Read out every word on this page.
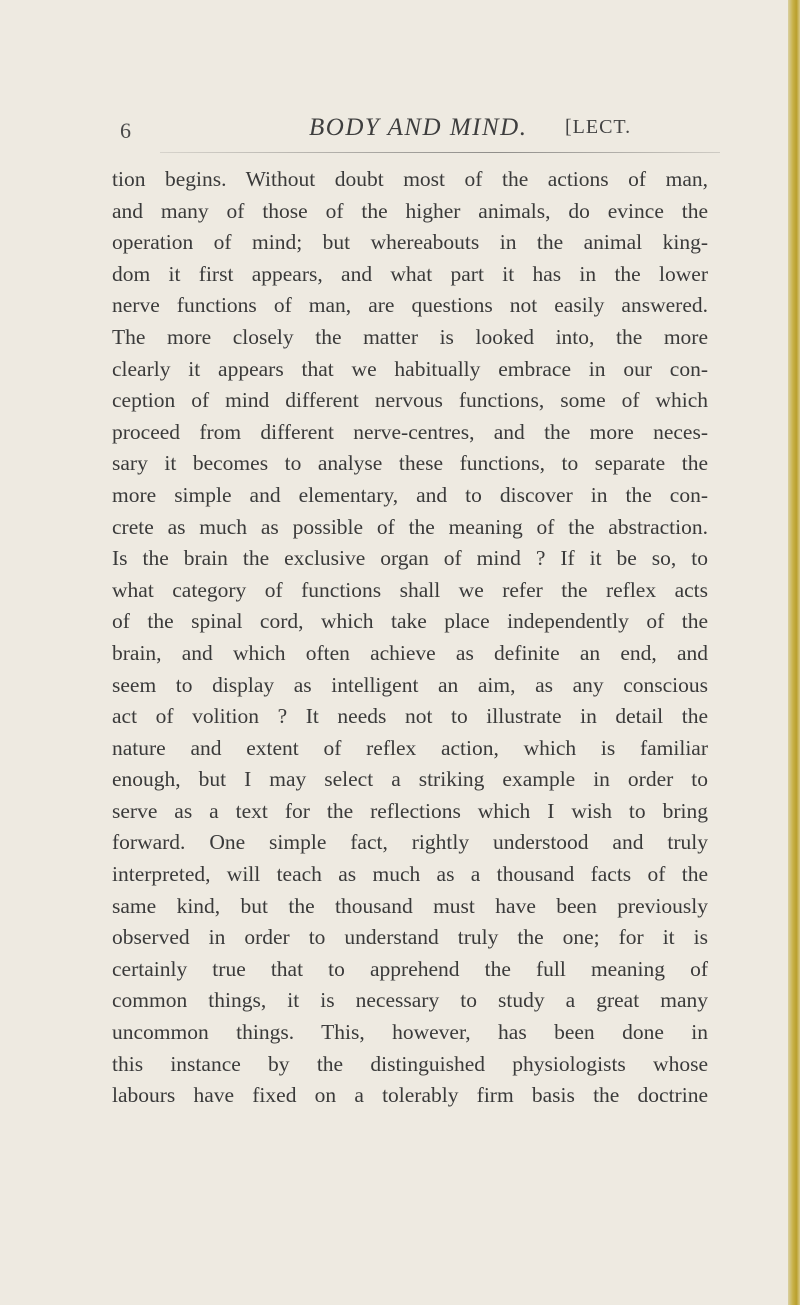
6	BODY AND MIND. [LECT.
tion begins. Without doubt most of the actions of man,
and many of those of the higher animals, do evince the
operation of mind; but whereabouts in the animal king-
dom it first appears, and what part it has in the lower
nerve functions of man, are questions not easily answered.
The more closely the matter is looked into, the more
clearly it appears that we habitually embrace in our con-
ception of mind different nervous functions, some of which
proceed from different nerve-centres, and the more neces-
sary it becomes to analyse these functions, to separate the
more simple and elementary, and to discover in the con-
crete as much as possible of the meaning of the abstraction.
Is the brain the exclusive organ of mind ? If it be so, to
what category of functions shall we refer the reflex acts
of the spinal cord, which take place independently of the
brain, and which often achieve as definite an end, and
seem to display as intelligent an aim, as any conscious
act of volition ? It needs not to illustrate in detail the
nature and extent of reflex action, which is familiar
enough, but I may select a striking example in order to
serve as a text for the reflections which I wish to bring
forward. One simple fact, rightly understood and truly
interpreted, will teach as much as a thousand facts of the
same kind, but the thousand must have been previously
observed in order to understand truly the one; for it is
certainly true that to apprehend the full meaning of
common things, it is necessary to study a great many
uncommon things. This, however, has been done in
this instance by the distinguished physiologists whose
labours have fixed on a tolerably firm basis the doctrine
